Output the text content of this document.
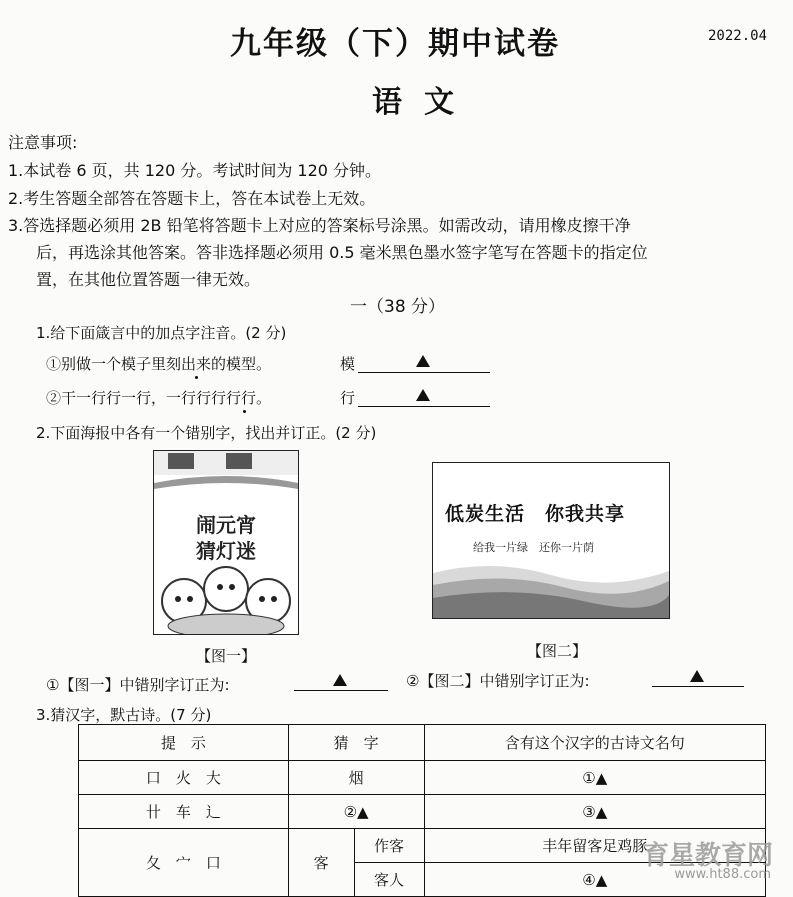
九年级（下）期中试卷	2022.04
语文
注意事项:
1.本试卷 6 页，共 120 分。考试时间为 120 分钟。
2.考生答题全部答在答题卡上，答在本试卷上无效。
3.答选择题必须用 2B 铅笔将答题卡上对应的答案标号涂黑。如需改动，请用橡皮擦干净
后，再选涂其他答案。答非选择题必须用 0.5 毫米黑色墨水签字笔写在答题卡的指定位
置，在其他位置答题一律无效。
一（38 分）
1.给下面箴言中的加点字注音。(2 分)
①别做一个模子里刻出来的模型。	模
②干一行行一行，一行行行行行。	行
2.下面海报中各有一个错别字，找出并订正。(2 分)
闹元宵
猜灯迷
【图一】
低炭生活　你我共享
给我一片绿　还你一片荫
【图二】
①【图一】中错别字订正为:	②【图二】中错别字订正为:
3.猜汉字，默古诗。(7 分)
提　示	猜　字		含有这个汉字的古诗文名句
口　火　大	烟		①▲
卄　车　辶	②▲		③▲
夂　宀　口	客	作客	丰年留客足鸡豚
		客人	④▲
育星教育网
www.ht88.com
